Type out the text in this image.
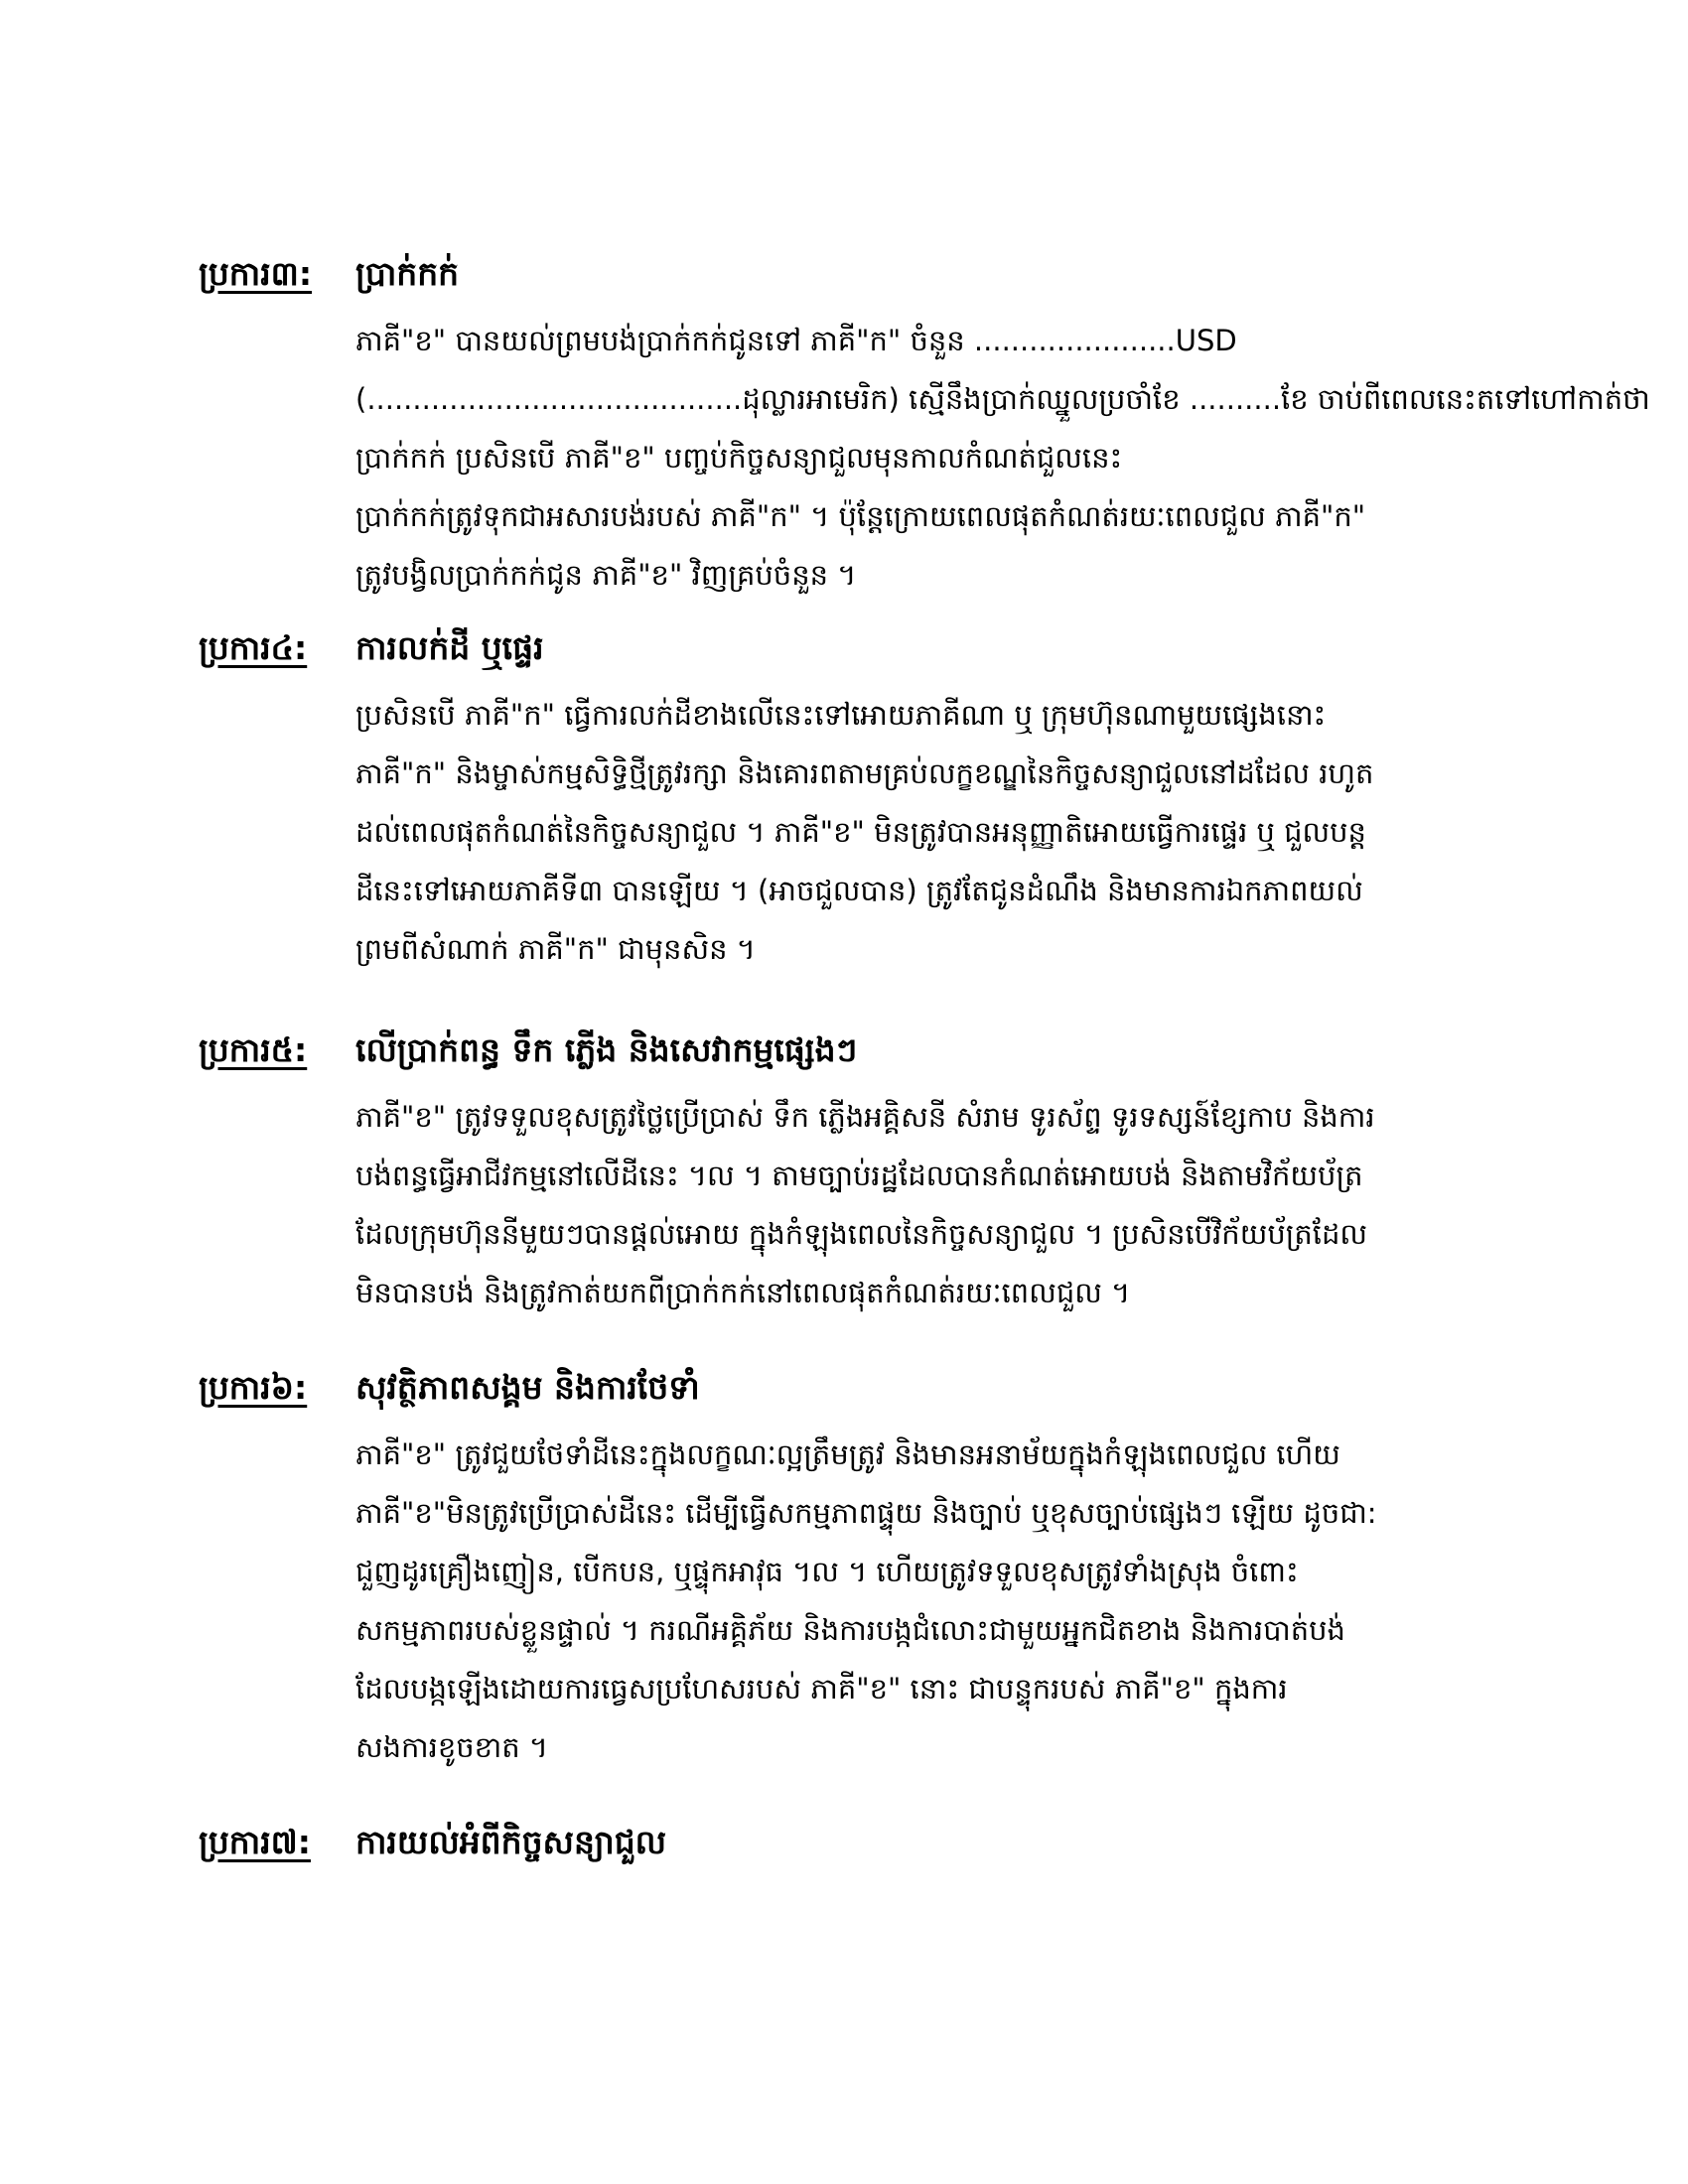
ប្រការ៣: ប្រាក់កក់
ភាគី"ខ" បានយល់ព្រមបង់ប្រាក់កក់ជូនទៅ ភាគី"ក" ចំនួន ......................USD
(.........................................ដុល្លារអាមេរិក) ស្មើនឹងប្រាក់ឈ្នួលប្រចាំខែ ..........ខែ ចាប់ពីពេលនេះតទៅហៅកាត់ថា
ប្រាក់កក់ ប្រសិនបើ ភាគី"ខ" បញ្ចប់កិច្ចសន្យាជួលមុនកាលកំណត់ជួលនេះ
ប្រាក់កក់ត្រូវទុកជាអសារបង់របស់ ភាគី"ក" ។ ប៉ុន្តែក្រោយពេលផុតកំណត់រយៈពេលជួល ភាគី"ក"
ត្រូវបង្វិលប្រាក់កក់ជូន ភាគី"ខ" វិញគ្រប់ចំនួន ។
ប្រការ៤: ការលក់ដី ឬផ្ទេរ
ប្រសិនបើ ភាគី"ក" ធ្វើការលក់ដីខាងលើនេះទៅអោយភាគីណា ឬ ក្រុមហ៊ុនណាមួយផ្សេងនោះ
ភាគី"ក" និងម្ចាស់កម្មសិទ្ធិថ្មីត្រូវរក្សា និងគោរពតាមគ្រប់លក្ខខណ្ឌនៃកិច្ចសន្យាជួលនៅដដែល រហូត
ដល់ពេលផុតកំណត់នៃកិច្ចសន្យាជួល ។ ភាគី"ខ" មិនត្រូវបានអនុញ្ញាតិអោយធ្វើការផ្ទេរ ឬ ជួលបន្ត
ដីនេះទៅអោយភាគីទី៣ បានឡើយ ។ (អាចជួលបាន) ត្រូវតែជូនដំណឹង និងមានការឯកភាពយល់
ព្រមពីសំណាក់ ភាគី"ក" ជាមុនសិន ។
ប្រការ៥: លើប្រាក់ពន្ធ ទឹក ភ្លើង និងសេវាកម្មផ្សេងៗ
ភាគី"ខ" ត្រូវទទួលខុសត្រូវថ្លៃប្រើប្រាស់ ទឹក ភ្លើងអគ្គិសនី សំរាម ទូរស័ព្ទ ទូរទស្សន៍ខ្សែកាប និងការ
បង់ពន្ធធ្វើអាជីវកម្មនៅលើដីនេះ ។ល ។ តាមច្បាប់រដ្ឋដែលបានកំណត់អោយបង់ និងតាមវិក័យប័ត្រ
ដែលក្រុមហ៊ុននីមួយៗបានផ្តល់អោយ ក្នុងកំឡុងពេលនៃកិច្ចសន្យាជួល ។ ប្រសិនបើវិក័យប័ត្រដែល
មិនបានបង់ និងត្រូវកាត់យកពីប្រាក់កក់នៅពេលផុតកំណត់រយៈពេលជួល ។
ប្រការ៦: សុវត្ថិភាពសង្គម និងការថែទាំ
ភាគី"ខ" ត្រូវជួយថែទាំដីនេះក្នុងលក្ខណៈល្អត្រឹមត្រូវ និងមានអនាម័យក្នុងកំឡុងពេលជួល ហើយ
ភាគី"ខ"មិនត្រូវប្រើប្រាស់ដីនេះ ដើម្បីធ្វើសកម្មភាពផ្ទុយ និងច្បាប់ ឬខុសច្បាប់ផ្សេងៗ ឡើយ ដូចជា:
ជួញដូរគ្រឿងញៀន, បើកបន, ឬផ្ទុកអាវុធ ។ល ។ ហើយត្រូវទទួលខុសត្រូវទាំងស្រុង ចំពោះ
សកម្មភាពរបស់ខ្លួនផ្ទាល់ ។ ករណីអគ្គិភ័យ និងការបង្កជំលោះជាមួយអ្នកជិតខាង និងការបាត់បង់
ដែលបង្កឡើងដោយការធ្វេសប្រហែសរបស់ ភាគី"ខ" នោះ ជាបន្ទុករបស់ ភាគី"ខ" ក្នុងការ
សងការខូចខាត ។
ប្រការ៧: ការយល់អំពីកិច្ចសន្យាជួល
